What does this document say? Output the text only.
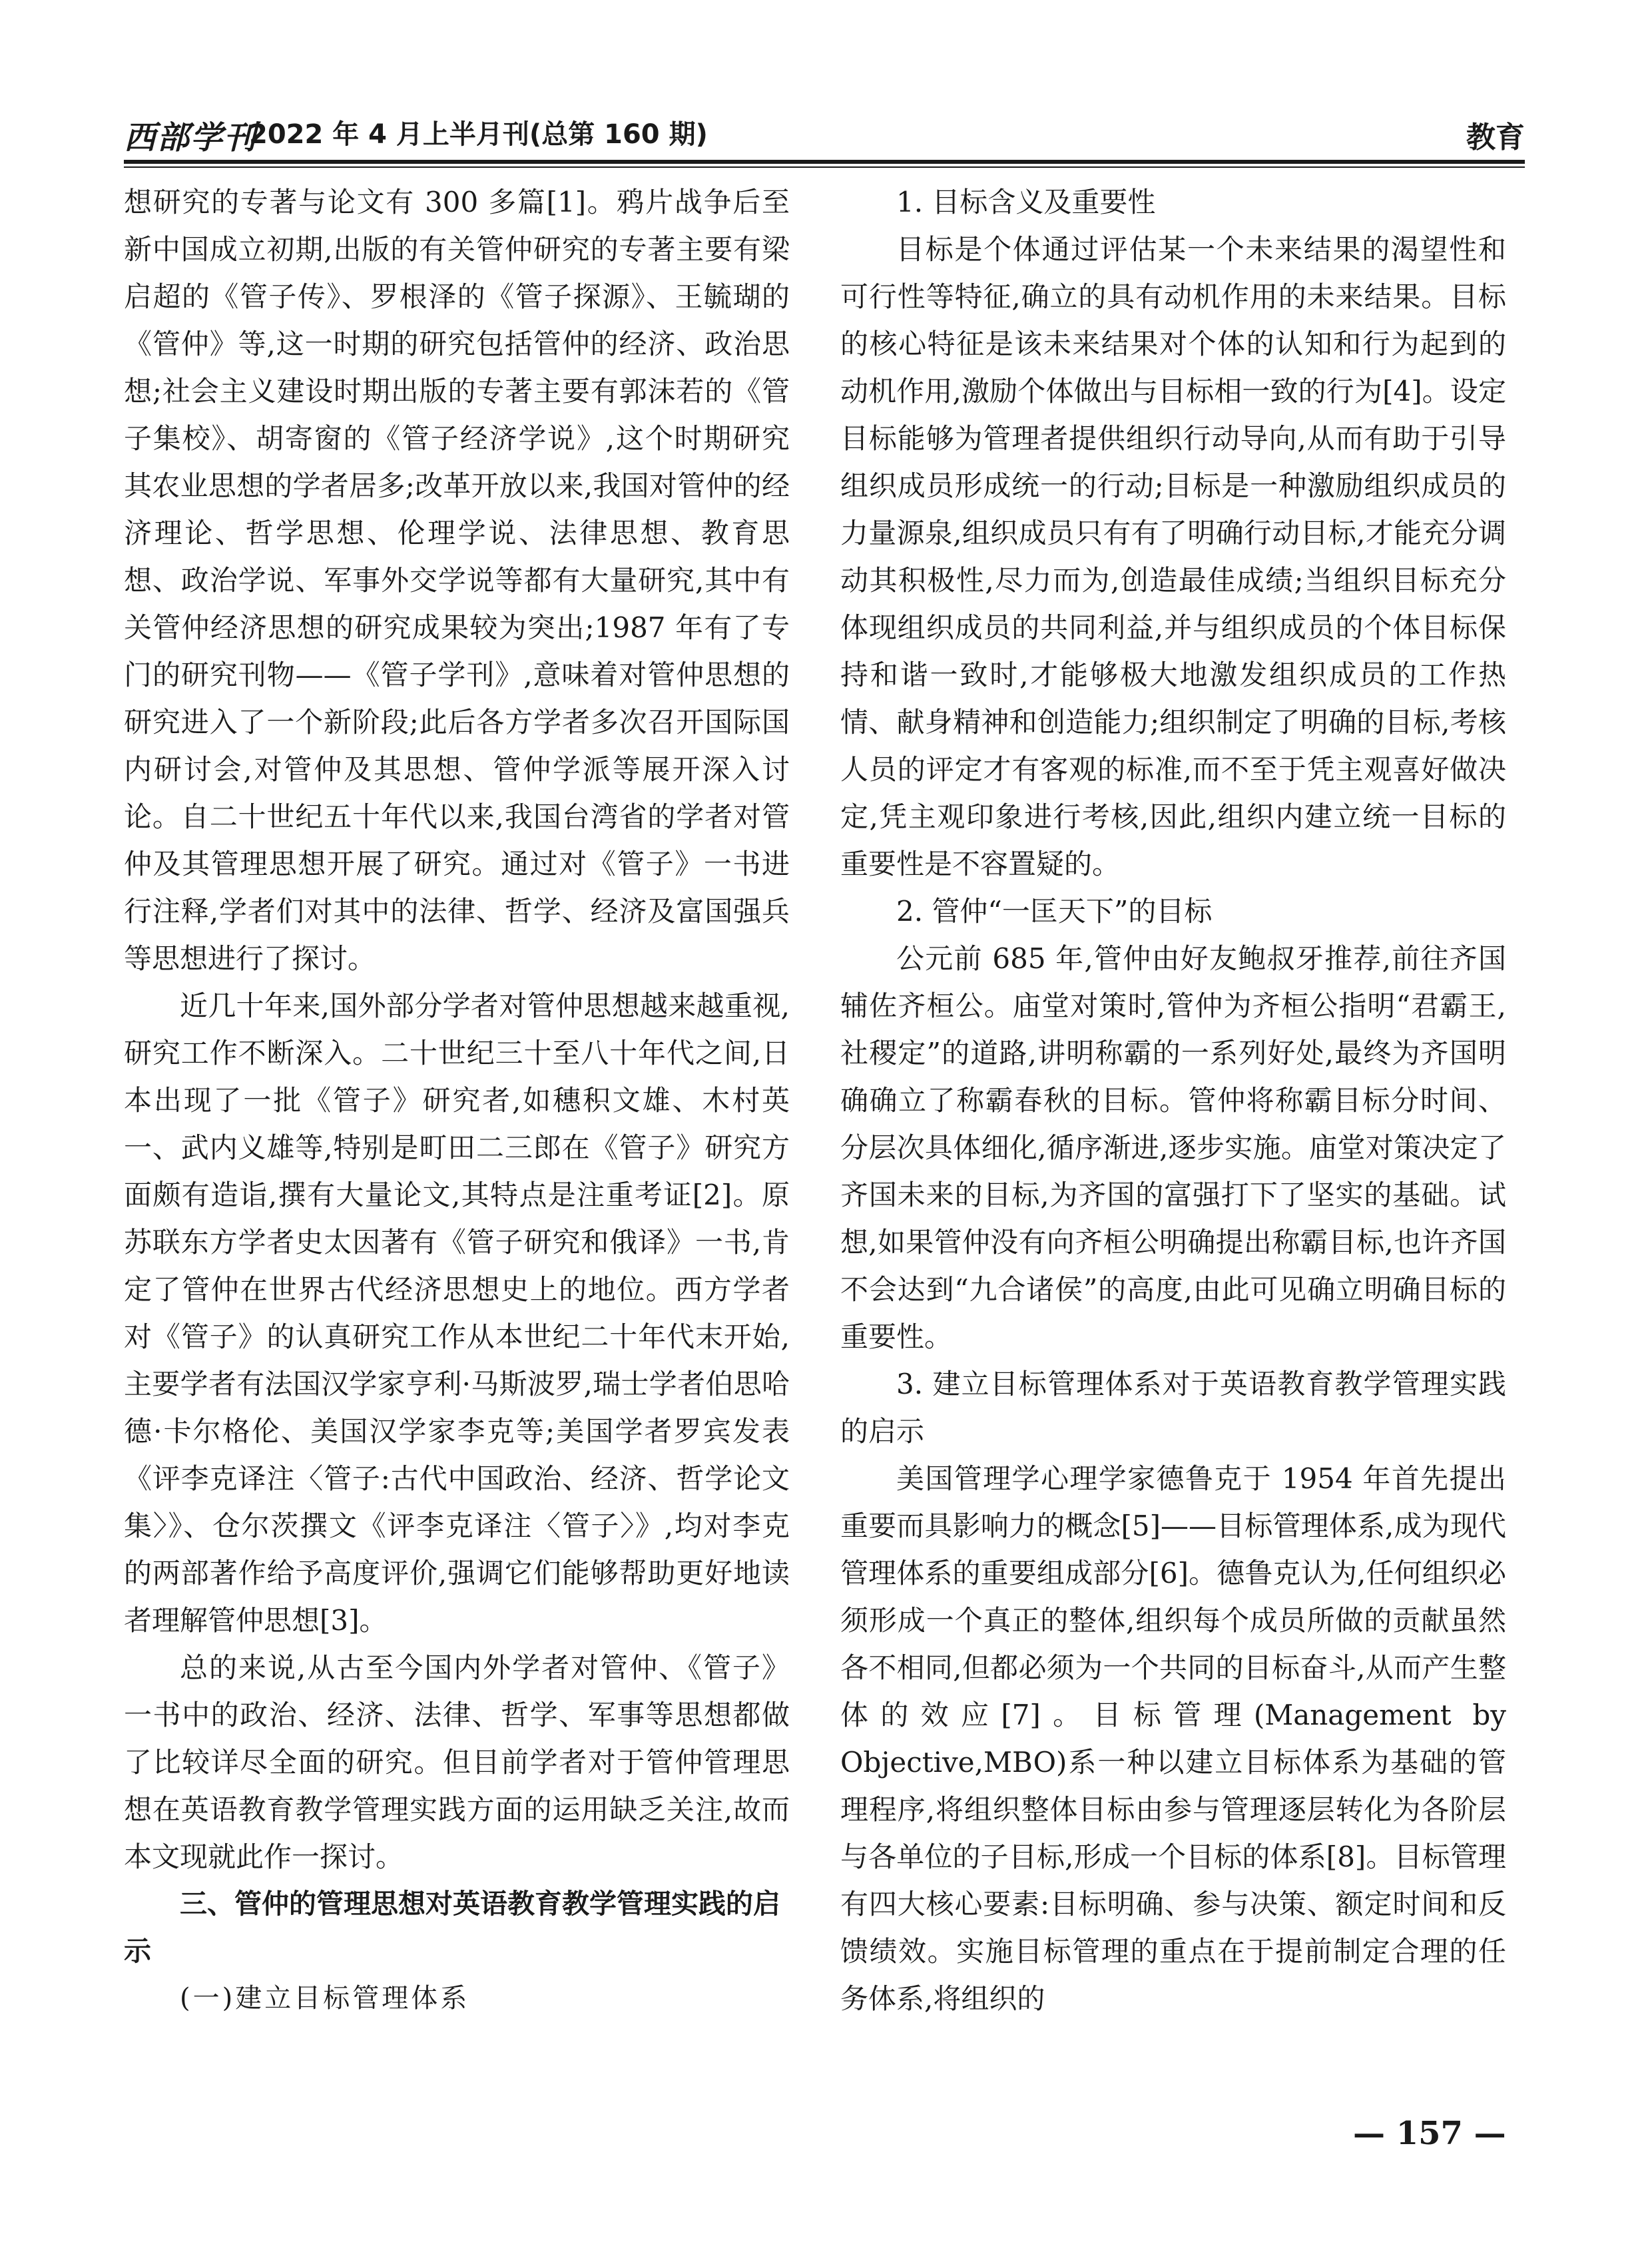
西部学刊
2022 年 4 月上半月刊(总第 160 期)	教育

想研究的专著与论文有 300 多篇[1]。鸦片战争后至新中国成立初期,出版的有关管仲研究的专著主要有梁启超的《管子传》、罗根泽的《管子探源》、王毓瑚的《管仲》等,这一时期的研究包括管仲的经济、政治思想;社会主义建设时期出版的专著主要有郭沫若的《管子集校》、胡寄窗的《管子经济学说》,这个时期研究其农业思想的学者居多;改革开放以来,我国对管仲的经济理论、哲学思想、伦理学说、法律思想、教育思想、政治学说、军事外交学说等都有大量研究,其中有关管仲经济思想的研究成果较为突出;1987 年有了专门的研究刊物——《管子学刊》,意味着对管仲思想的研究进入了一个新阶段;此后各方学者多次召开国际国内研讨会,对管仲及其思想、管仲学派等展开深入讨论。自二十世纪五十年代以来,我国台湾省的学者对管仲及其管理思想开展了研究。通过对《管子》一书进行注释,学者们对其中的法律、哲学、经济及富国强兵等思想进行了探讨。

近几十年来,国外部分学者对管仲思想越来越重视,研究工作不断深入。二十世纪三十至八十年代之间,日本出现了一批《管子》研究者,如穗积文雄、木村英一、武内义雄等,特别是町田二三郎在《管子》研究方面颇有造诣,撰有大量论文,其特点是注重考证[2]。原苏联东方学者史太因著有《管子研究和俄译》一书,肯定了管仲在世界古代经济思想史上的地位。西方学者对《管子》的认真研究工作从本世纪二十年代末开始,主要学者有法国汉学家亨利·马斯波罗,瑞士学者伯思哈德·卡尔格伦、美国汉学家李克等;美国学者罗宾发表《评李克译注〈管子:古代中国政治、经济、哲学论文集〉》、仓尔茨撰文《评李克译注〈管子〉》,均对李克的两部著作给予高度评价,强调它们能够帮助更好地读者理解管仲思想[3]。

总的来说,从古至今国内外学者对管仲、《管子》一书中的政治、经济、法律、哲学、军事等思想都做了比较详尽全面的研究。但目前学者对于管仲管理思想在英语教育教学管理实践方面的运用缺乏关注,故而本文现就此作一探讨。

三、管仲的管理思想对英语教育教学管理实践的启示

(一)建立目标管理体系

1. 目标含义及重要性

目标是个体通过评估某一个未来结果的渴望性和可行性等特征,确立的具有动机作用的未来结果。目标的核心特征是该未来结果对个体的认知和行为起到的动机作用,激励个体做出与目标相一致的行为[4]。设定目标能够为管理者提供组织行动导向,从而有助于引导组织成员形成统一的行动;目标是一种激励组织成员的力量源泉,组织成员只有有了明确行动目标,才能充分调动其积极性,尽力而为,创造最佳成绩;当组织目标充分体现组织成员的共同利益,并与组织成员的个体目标保持和谐一致时,才能够极大地激发组织成员的工作热情、献身精神和创造能力;组织制定了明确的目标,考核人员的评定才有客观的标准,而不至于凭主观喜好做决定,凭主观印象进行考核,因此,组织内建立统一目标的重要性是不容置疑的。

2. 管仲“一匡天下”的目标

公元前 685 年,管仲由好友鲍叔牙推荐,前往齐国辅佐齐桓公。庙堂对策时,管仲为齐桓公指明“君霸王,社稷定”的道路,讲明称霸的一系列好处,最终为齐国明确确立了称霸春秋的目标。管仲将称霸目标分时间、分层次具体细化,循序渐进,逐步实施。庙堂对策决定了齐国未来的目标,为齐国的富强打下了坚实的基础。试想,如果管仲没有向齐桓公明确提出称霸目标,也许齐国不会达到“九合诸侯”的高度,由此可见确立明确目标的重要性。

3. 建立目标管理体系对于英语教育教学管理实践的启示

美国管理学心理学家德鲁克于 1954 年首先提出重要而具影响力的概念[5]——目标管理体系,成为现代管理体系的重要组成部分[6]。德鲁克认为,任何组织必须形成一个真正的整体,组织每个成员所做的贡献虽然各不相同,但都必须为一个共同的目标奋斗,从而产生整体的效应[7]。目标管理(Management by Objective,MBO)系一种以建立目标体系为基础的管理程序,将组织整体目标由参与管理逐层转化为各阶层与各单位的子目标,形成一个目标的体系[8]。目标管理有四大核心要素:目标明确、参与决策、额定时间和反馈绩效。实施目标管理的重点在于提前制定合理的任务体系,将组织的

— 157 —
